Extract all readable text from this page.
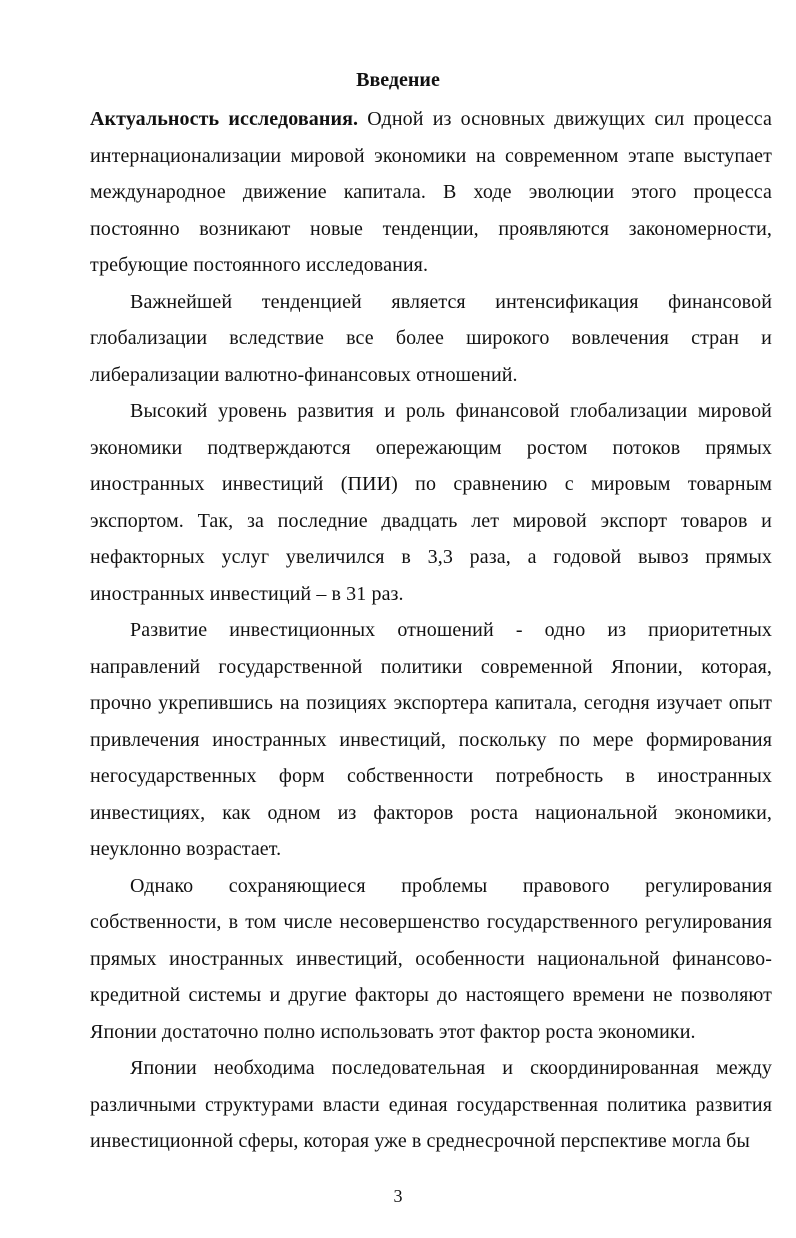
Введение

Актуальность исследования. Одной из основных движущих сил процесса интернационализации мировой экономики на современном этапе выступает международное движение капитала. В ходе эволюции этого процесса постоянно возникают новые тенденции, проявляются закономерности, требующие постоянного исследования.

Важнейшей тенденцией является интенсификация финансовой глобализации вследствие все более широкого вовлечения стран и либерализации валютно-финансовых отношений.

Высокий уровень развития и роль финансовой глобализации мировой экономики подтверждаются опережающим ростом потоков прямых иностранных инвестиций (ПИИ) по сравнению с мировым товарным экспортом. Так, за последние двадцать лет мировой экспорт товаров и нефакторных услуг увеличился в 3,3 раза, а годовой вывоз прямых иностранных инвестиций – в 31 раз.

Развитие инвестиционных отношений - одно из приоритетных направлений государственной политики современной Японии, которая, прочно укрепившись на позициях экспортера капитала, сегодня изучает опыт привлечения иностранных инвестиций, поскольку по мере формирования негосударственных форм собственности потребность в иностранных инвестициях, как одном из факторов роста национальной экономики, неуклонно возрастает.

Однако сохраняющиеся проблемы правового регулирования собственности, в том числе несовершенство государственного регулирования прямых иностранных инвестиций, особенности национальной финансово-кредитной системы и другие факторы до настоящего времени не позволяют Японии достаточно полно использовать этот фактор роста экономики.

Японии необходима последовательная и скоординированная между различными структурами власти единая государственная политика развития инвестиционной сферы, которая уже в среднесрочной перспективе могла бы

3
